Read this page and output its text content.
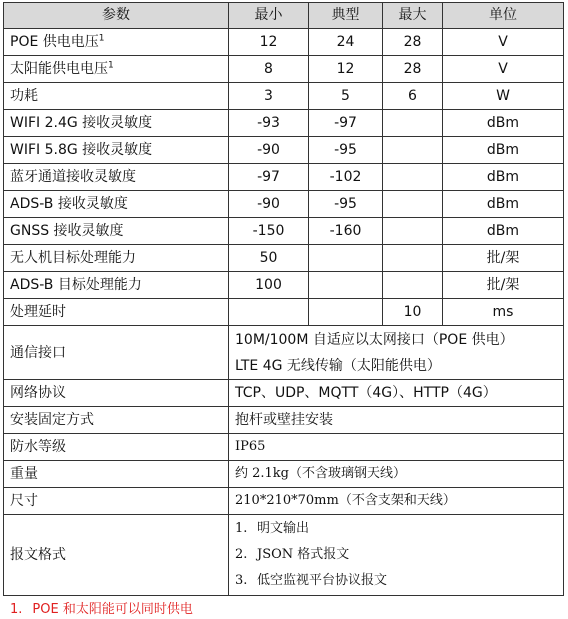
参数	最小	典型	最大	单位
POE 供电电压$^1$	12	24	28	V
太阳能供电电压$^1$	8	12	28	V
功耗	3	5	6	W
WIFI 2.4G 接收灵敏度	-93	-97		dBm
WIFI 5.8G 接收灵敏度	-90	-95		dBm
蓝牙通道接收灵敏度	-97	-102		dBm
ADS-B 接收灵敏度	-90	-95		dBm
GNSS 接收灵敏度	-150	-160		dBm
无人机目标处理能力	50			批/架
ADS-B 目标处理能力	100			批/架
处理延时			10	ms
通信接口	10M/100M 自适应以太网接口（POE 供电）
LTE 4G 无线传输（太阳能供电）			

网络协议	TCP、UDP、MQTT（4G）、HTTP（4G）			
安装固定方式	抱杆或壁挂安装			
防水等级	IP65			
重量	约 2.1kg（不含玻璃钢天线）			
尺寸	210*210*70mm（不含支架和天线）			
报文格式	1. 明文输出
2. JSON 格式报文
3. 低空监视平台协议报文			
1. POE 和太阳能可以同时供电
